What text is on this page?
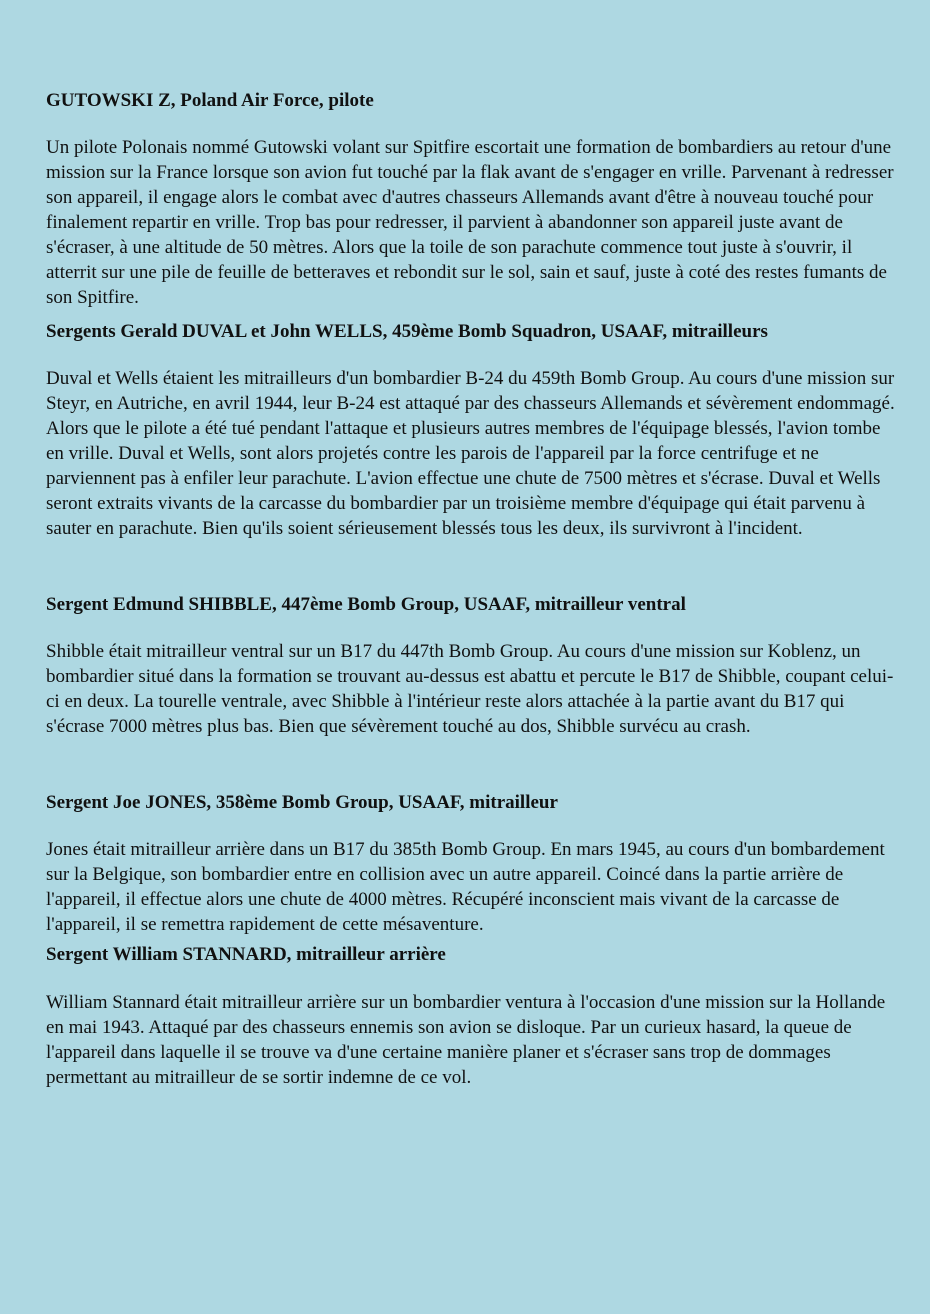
GUTOWSKI Z, Poland Air Force, pilote

Un pilote Polonais nommé Gutowski volant sur Spitfire escortait une formation de bombardiers au retour d'une mission sur la France lorsque son avion fut touché par la flak avant de s'engager en vrille. Parvenant à redresser son appareil, il engage alors le combat avec d'autres chasseurs Allemands avant d'être à nouveau touché pour finalement repartir en vrille. Trop bas pour redresser, il parvient à abandonner son appareil juste avant de s'écraser, à une altitude de 50 mètres. Alors que la toile de son parachute commence tout juste à s'ouvrir, il atterrit sur une pile de feuille de betteraves et rebondit sur le sol, sain et sauf, juste à coté des restes fumants de son Spitfire.

Sergents Gerald DUVAL et John WELLS, 459ème Bomb Squadron, USAAF, mitrailleurs

Duval et Wells étaient les mitrailleurs d'un bombardier B-24 du 459th Bomb Group. Au cours d'une mission sur Steyr, en Autriche, en avril 1944, leur B-24 est attaqué par des chasseurs Allemands et sévèrement endommagé. Alors que le pilote a été tué pendant l'attaque et plusieurs autres membres de l'équipage blessés, l'avion tombe en vrille. Duval et Wells, sont alors projetés contre les parois de l'appareil par la force centrifuge et ne parviennent pas à enfiler leur parachute. L'avion effectue une chute de 7500 mètres et s'écrase. Duval et Wells seront extraits vivants de la carcasse du bombardier par un troisième membre d'équipage qui était parvenu à sauter en parachute. Bien qu'ils soient sérieusement blessés tous les deux, ils survivront à l'incident.

Sergent Edmund SHIBBLE, 447ème Bomb Group, USAAF, mitrailleur ventral

Shibble était mitrailleur ventral sur un B17 du 447th Bomb Group. Au cours d'une mission sur Koblenz, un bombardier situé dans la formation se trouvant au-dessus est abattu et percute le B17 de Shibble, coupant celui-ci en deux. La tourelle ventrale, avec Shibble à l'intérieur reste alors attachée à la partie avant du B17 qui s'écrase 7000 mètres plus bas. Bien que sévèrement touché au dos, Shibble survécu au crash.

Sergent Joe JONES, 358ème Bomb Group, USAAF, mitrailleur

Jones était mitrailleur arrière dans un B17 du 385th Bomb Group. En mars 1945, au cours d'un bombardement sur la Belgique, son bombardier entre en collision avec un autre appareil. Coincé dans la partie arrière de l'appareil, il effectue alors une chute de 4000 mètres. Récupéré inconscient mais vivant de la carcasse de l'appareil, il se remettra rapidement de cette mésaventure.

Sergent William STANNARD, mitrailleur arrière

William Stannard était mitrailleur arrière sur un bombardier ventura à l'occasion d'une mission sur la Hollande en mai 1943. Attaqué par des chasseurs ennemis son avion se disloque. Par un curieux hasard, la queue de l'appareil dans laquelle il se trouve va d'une certaine manière planer et s'écraser sans trop de dommages permettant au mitrailleur de se sortir indemne de ce vol.
